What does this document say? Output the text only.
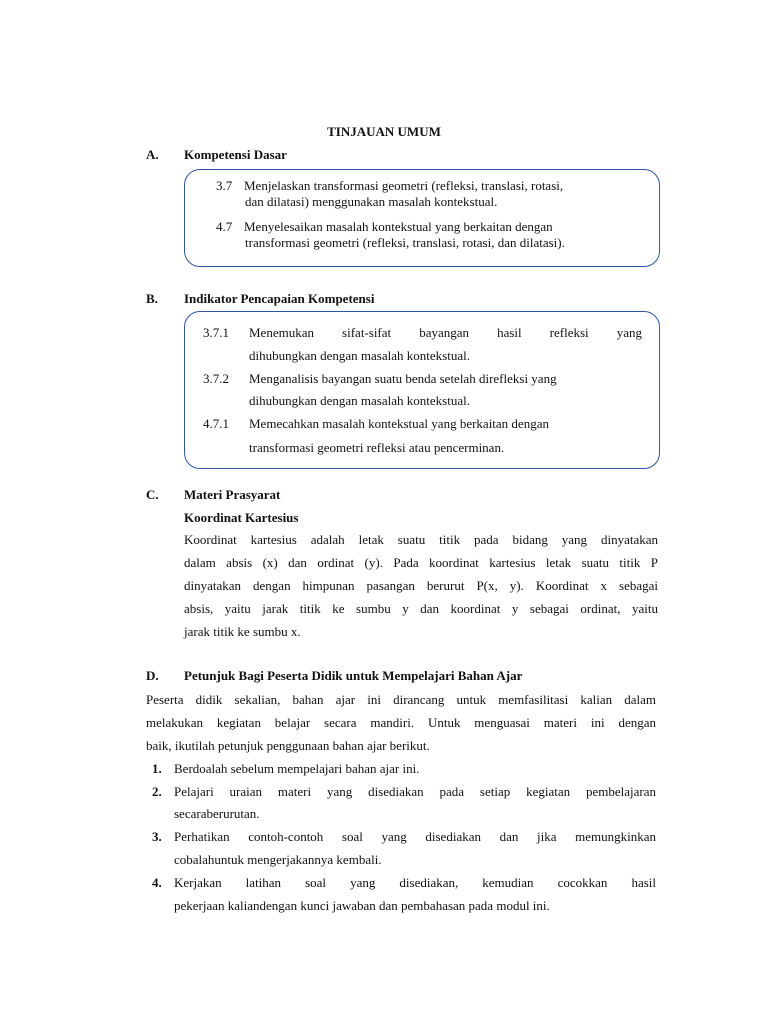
TINJAUAN UMUM
A. Kompetensi Dasar
3.7 Menjelaskan transformasi geometri (refleksi, translasi, rotasi,
dan dilatasi) menggunakan masalah kontekstual.
4.7 Menyelesaikan masalah kontekstual yang berkaitan dengan
transformasi geometri (refleksi, translasi, rotasi, dan dilatasi).
B. Indikator Pencapaian Kompetensi
3.7.1 Menemukan sifat-sifat bayangan hasil refleksi yang
dihubungkan dengan masalah kontekstual.
3.7.2 Menganalisis bayangan suatu benda setelah direfleksi yang
dihubungkan dengan masalah kontekstual.
4.7.1 Memecahkan masalah kontekstual yang berkaitan dengan
transformasi geometri refleksi atau pencerminan.
C. Materi Prasyarat
Koordinat Kartesius
Koordinat kartesius adalah letak suatu titik pada bidang yang dinyatakan
dalam absis (x) dan ordinat (y). Pada koordinat kartesius letak suatu titik P
dinyatakan dengan himpunan pasangan berurut P(x, y). Koordinat x sebagai
absis, yaitu jarak titik ke sumbu y dan koordinat y sebagai ordinat, yaitu
jarak titik ke sumbu x.
D. Petunjuk Bagi Peserta Didik untuk Mempelajari Bahan Ajar
Peserta didik sekalian, bahan ajar ini dirancang untuk memfasilitasi kalian dalam
melakukan kegiatan belajar secara mandiri. Untuk menguasai materi ini dengan
baik, ikutilah petunjuk penggunaan bahan ajar berikut.
1. Berdoalah sebelum mempelajari bahan ajar ini.
2. Pelajari uraian materi yang disediakan pada setiap kegiatan pembelajaran
secaraberurutan.
3. Perhatikan contoh-contoh soal yang disediakan dan jika memungkinkan
cobalahuntuk mengerjakannya kembali.
4. Kerjakan latihan soal yang disediakan, kemudian cocokkan hasil
pekerjaan kaliandengan kunci jawaban dan pembahasan pada modul ini.
